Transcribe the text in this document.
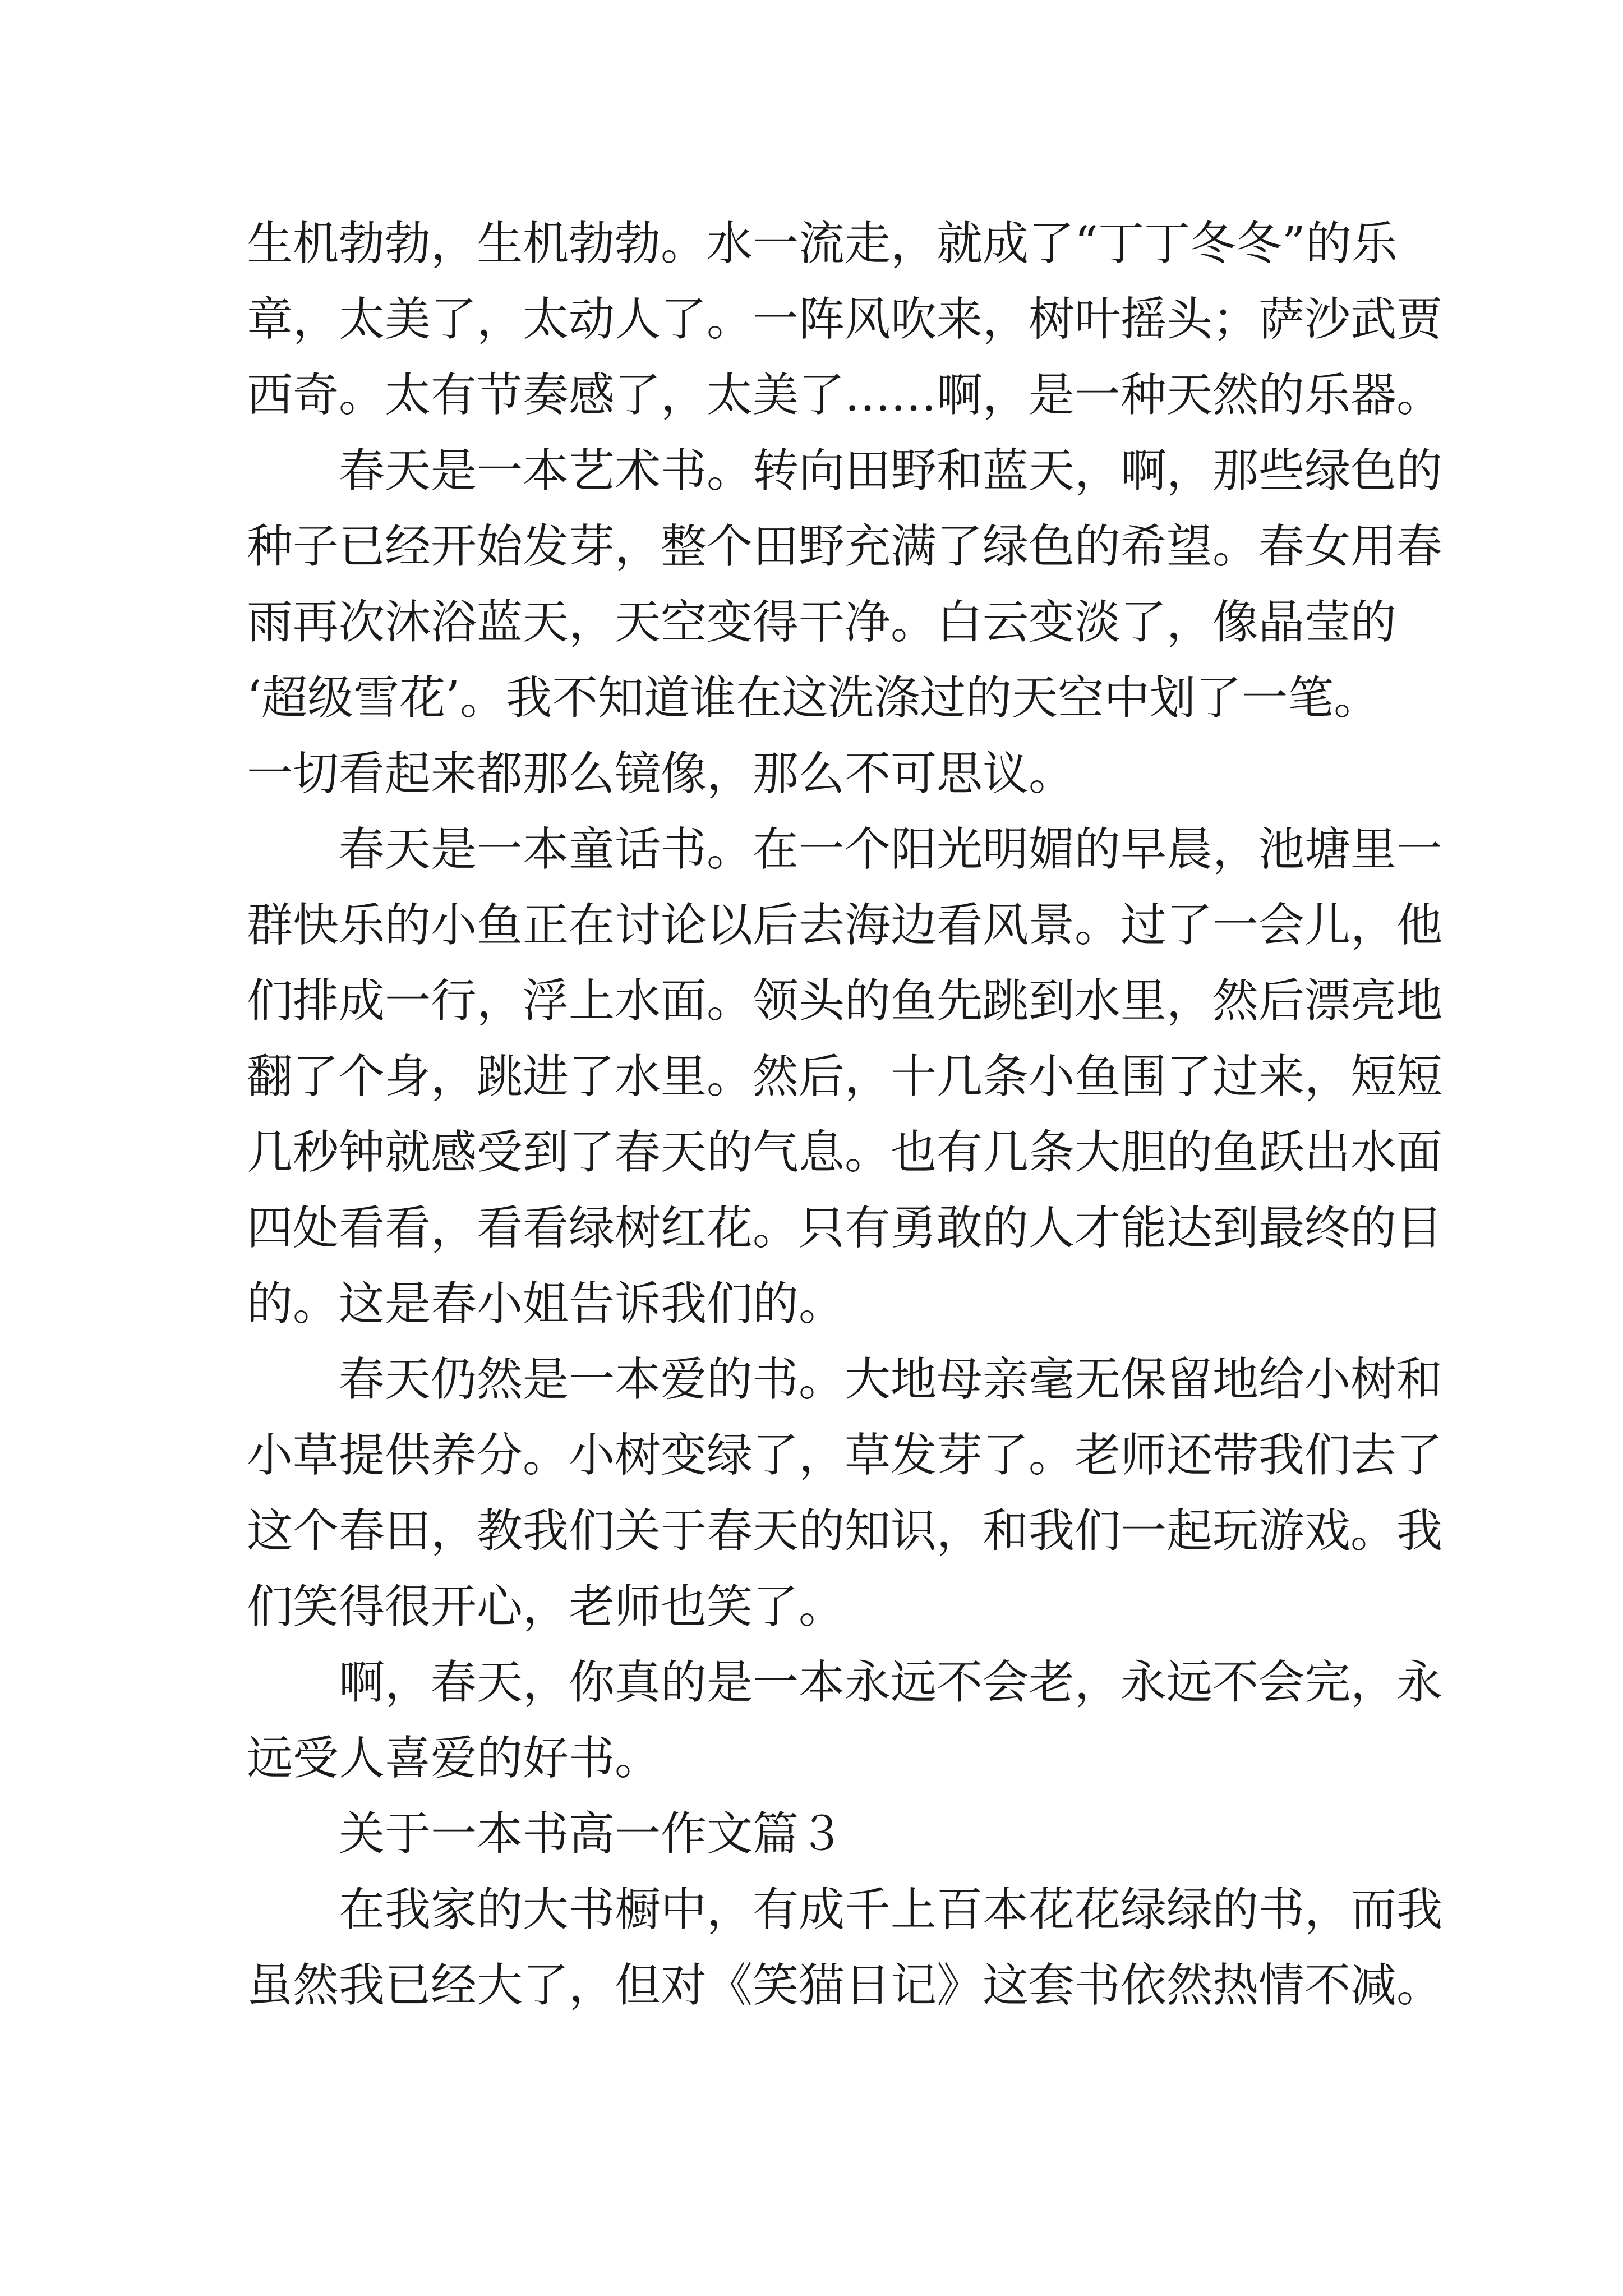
生机勃勃，生机勃勃。水一流走，就成了“丁丁冬冬”的乐
章，太美了，太动人了。一阵风吹来，树叶摇头；萨沙武贾
西奇。太有节奏感了，太美了……啊，是一种天然的乐器。
春天是一本艺术书。转向田野和蓝天，啊，那些绿色的
种子已经开始发芽，整个田野充满了绿色的希望。春女用春
雨再次沐浴蓝天，天空变得干净。白云变淡了，像晶莹的
‘超级雪花’。我不知道谁在这洗涤过的天空中划了一笔。
一切看起来都那么镜像，那么不可思议。
春天是一本童话书。在一个阳光明媚的早晨，池塘里一
群快乐的小鱼正在讨论以后去海边看风景。过了一会儿，他
们排成一行，浮上水面。领头的鱼先跳到水里，然后漂亮地
翻了个身，跳进了水里。然后，十几条小鱼围了过来，短短
几秒钟就感受到了春天的气息。也有几条大胆的鱼跃出水面
四处看看，看看绿树红花。只有勇敢的人才能达到最终的目
的。这是春小姐告诉我们的。
春天仍然是一本爱的书。大地母亲毫无保留地给小树和
小草提供养分。小树变绿了，草发芽了。老师还带我们去了
这个春田，教我们关于春天的知识，和我们一起玩游戏。我
们笑得很开心，老师也笑了。
啊，春天，你真的是一本永远不会老，永远不会完，永
远受人喜爱的好书。
关于一本书高一作文篇３
在我家的大书橱中，有成千上百本花花绿绿的书，而我
虽然我已经大了，但对《笑猫日记》这套书依然热情不减。
